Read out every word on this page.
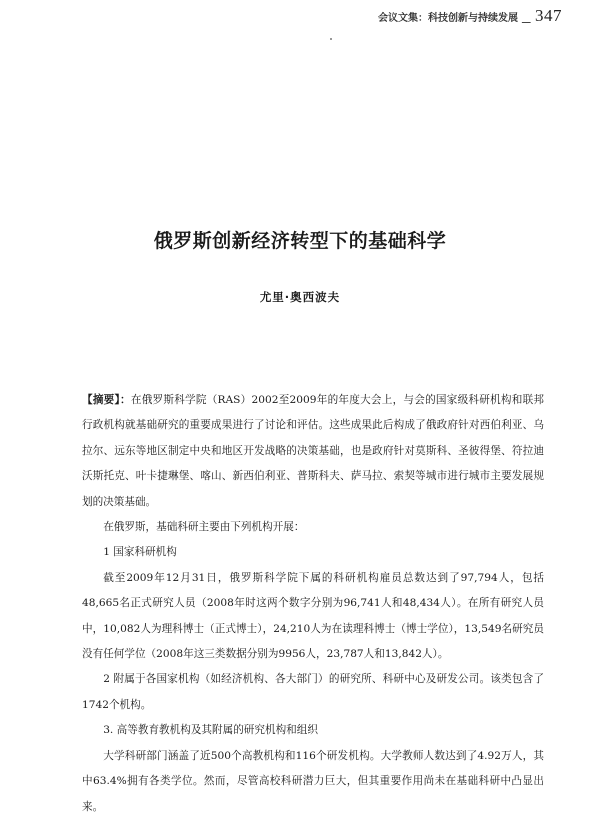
会议文集：科技创新与持续发展 _ 347
俄罗斯创新经济转型下的基础科学
尤里·奥西波夫

【摘要】：在俄罗斯科学院（RAS）2002至2009年的年度大会上，与会的国家级科研机构和联邦行政机构就基础研究的重要成果进行了讨论和评估。这些成果此后构成了俄政府针对西伯利亚、乌拉尔、远东等地区制定中央和地区开发战略的决策基础，也是政府针对莫斯科、圣彼得堡、符拉迪沃斯托克、叶卡捷琳堡、喀山、新西伯利亚、普斯科夫、萨马拉、索契等城市进行城市主要发展规划的决策基础。

在俄罗斯，基础科研主要由下列机构开展：

1 国家科研机构

截至2009年12月31日，俄罗斯科学院下属的科研机构雇员总数达到了97,794人，包括48,665名正式研究人员（2008年时这两个数字分别为96,741人和48,434人）。在所有研究人员中，10,082人为理科博士（正式博士），24,210人为在读理科博士（博士学位），13,549名研究员没有任何学位（2008年这三类数据分别为9956人，23,787人和13,842人）。

2 附属于各国家机构（如经济机构、各大部门）的研究所、科研中心及研发公司。该类包含了1742个机构。

3. 高等教育教机构及其附属的研究机构和组织

大学科研部门涵盖了近500个高教机构和116个研发机构。大学教师人数达到了4.92万人，其中63.4%拥有各类学位。然而，尽管高校科研潜力巨大，但其重要作用尚未在基础科研中凸显出来。
